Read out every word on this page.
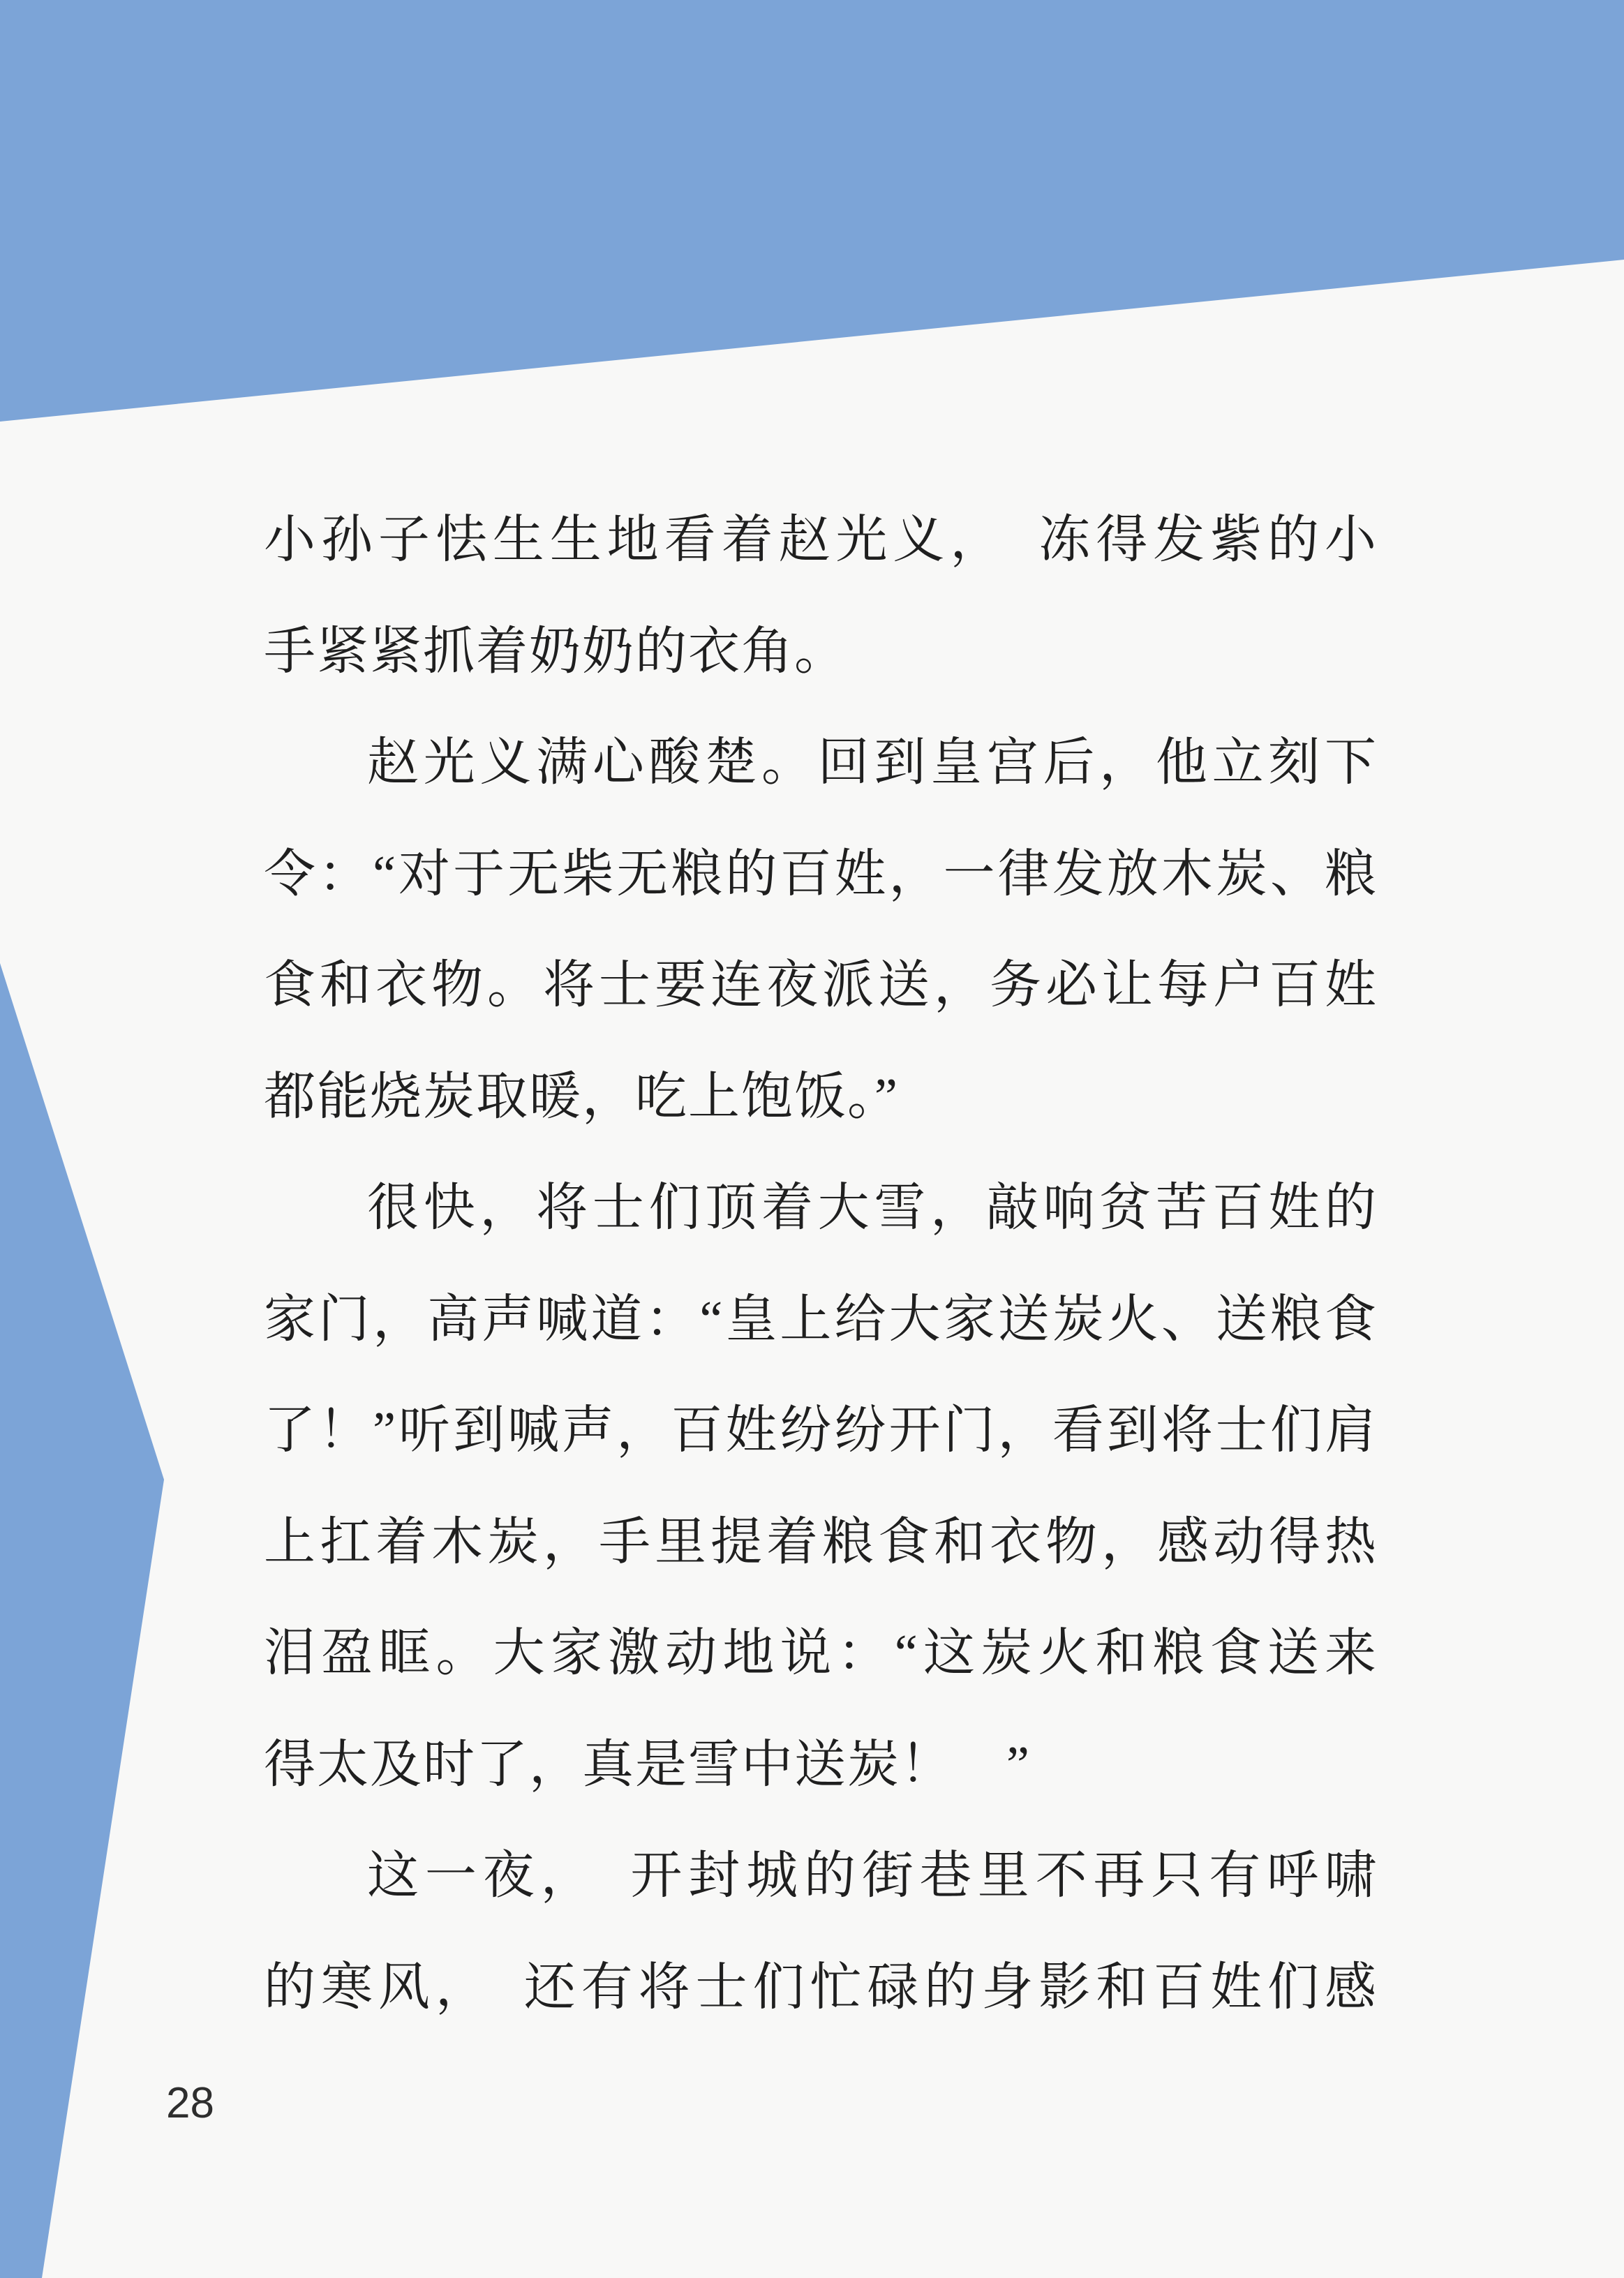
小孙子怯生生地看着赵光义，　冻得发紫的小
手紧紧抓着奶奶的衣角。
赵光义满心酸楚。回到皇宫后，他立刻下
令：“对于无柴无粮的百姓，一律发放木炭、粮
食和衣物。将士要连夜派送，务必让每户百姓
都能烧炭取暖，吃上饱饭。”
很快，将士们顶着大雪，敲响贫苦百姓的
家门，高声喊道：“皇上给大家送炭火、送粮食
了！”听到喊声，百姓纷纷开门，看到将士们肩
上扛着木炭，手里提着粮食和衣物，感动得热
泪盈眶。大家激动地说：“这炭火和粮食送来
得太及时了，真是雪中送炭！　”
这一夜，　开封城的街巷里不再只有呼啸
的寒风，　还有将士们忙碌的身影和百姓们感
28
